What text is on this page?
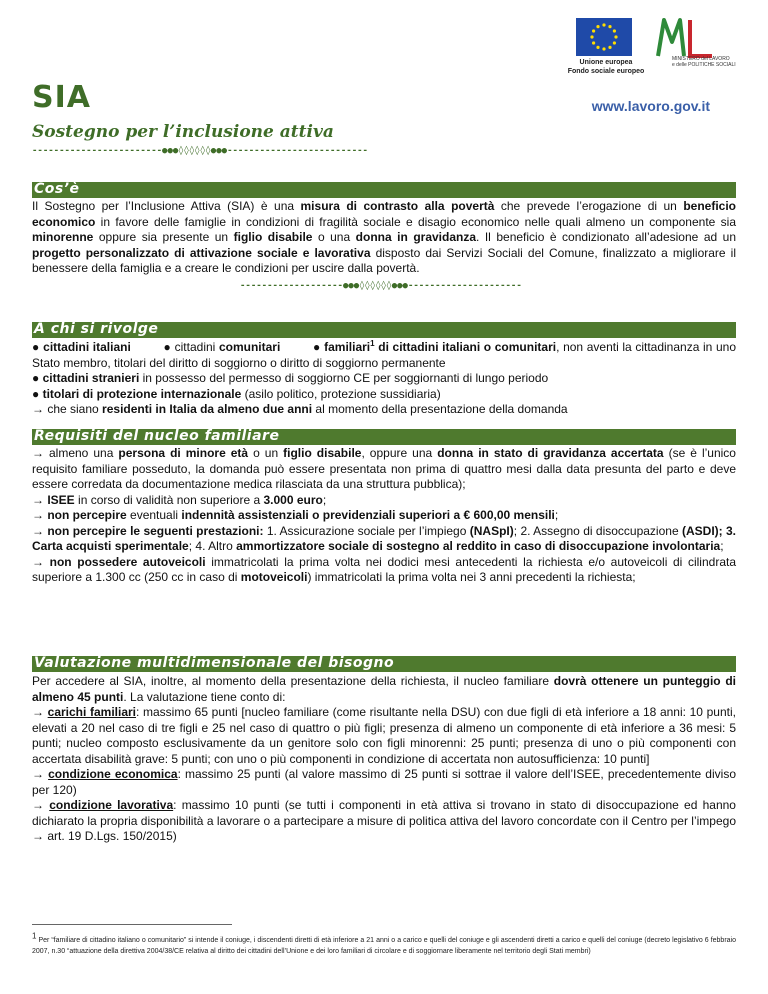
Unione europea
Fondo sociale europeo
MINISTERO del LAVORO
e delle POLITICHE SOCIALI
SIA	www.lavoro.gov.it
Sostegno per l’inclusione attiva
------------------------●●●◊◊◊◊◊◊●●●--------------------------
Cos’è

Il Sostegno per l’Inclusione Attiva (SIA) è una misura di contrasto alla povertà che prevede l’erogazione di un beneficio economico in favore delle famiglie in condizioni di fragilità sociale e disagio economico nelle quali almeno un componente sia minorenne oppure sia presente un figlio disabile o una donna in gravidanza. Il beneficio è condizionato all’adesione ad un progetto personalizzato di attivazione sociale e lavorativa disposto dai Servizi Sociali del Comune, finalizzato a migliorare il benessere della famiglia e a creare le condizioni per uscire dalla povertà.

-------------------●●●◊◊◊◊◊◊●●●---------------------
A chi si rivolge

● cittadini italiani	● cittadini comunitari	● familiari$^1$ di cittadini italiani o comunitari, non aventi la cittadinanza in uno Stato membro, titolari del diritto di soggiorno o diritto di soggiorno permanente

● cittadini stranieri in possesso del permesso di soggiorno CE per soggiornanti di lungo periodo

● titolari di protezione internazionale (asilo politico, protezione sussidiaria)

→ che siano residenti in Italia da almeno due anni al momento della presentazione della domanda

Requisiti del nucleo familiare

→ almeno una persona di minore età o un figlio disabile, oppure una donna in stato di gravidanza accertata (se è l’unico requisito familiare posseduto, la domanda può essere presentata non prima di quattro mesi dalla data presunta del parto e deve essere corredata da documentazione medica rilasciata da una struttura pubblica);

→ ISEE in corso di validità non superiore a 3.000 euro;

→ non percepire eventuali indennità assistenziali o previdenziali superiori a € 600,00 mensili;

→ non percepire le seguenti prestazioni: 1. Assicurazione sociale per l’impiego (NASpI); 2. Assegno di disoccupazione (ASDI); 3. Carta acquisti sperimentale; 4. Altro ammortizzatore sociale di sostegno al reddito in caso di disoccupazione involontaria;

→ non possedere autoveicoli immatricolati la prima volta nei dodici mesi antecedenti la richiesta e/o autoveicoli di cilindrata superiore a 1.300 cc (250 cc in caso di motoveicoli) immatricolati la prima volta nei 3 anni precedenti la richiesta;

Valutazione multidimensionale del bisogno

Per accedere al SIA, inoltre, al momento della presentazione della richiesta, il nucleo familiare dovrà ottenere un punteggio di almeno 45 punti. La valutazione tiene conto di:

→ carichi familiari: massimo 65 punti [nucleo familiare (come risultante nella DSU) con due figli di età inferiore a 18 anni: 10 punti, elevati a 20 nel caso di tre figli e 25 nel caso di quattro o più figli; presenza di almeno un componente di età inferiore a 36 mesi: 5 punti; nucleo composto esclusivamente da un genitore solo con figli minorenni: 25 punti; presenza di uno o più componenti con accertata disabilità grave: 5 punti; con uno o più componenti in condizione di accertata non autosufficienza: 10 punti]

→ condizione economica: massimo 25 punti (al valore massimo di 25 punti si sottrae il valore dell’ISEE, precedentemente diviso per 120)

→ condizione lavorativa: massimo 10 punti (se tutti i componenti in età attiva si trovano in stato di disoccupazione ed hanno dichiarato la propria disponibilità a lavorare o a partecipare a misure di politica attiva del lavoro concordate con il Centro per l’impego → art. 19 D.Lgs. 150/2015)

$^1$ Per “familiare di cittadino italiano o comunitario” si intende il coniuge, i discendenti diretti di età inferiore a 21 anni o a carico e quelli del coniuge e gli ascendenti diretti a carico e quelli del coniuge (decreto legislativo 6 febbraio 2007, n.30 “attuazione della direttiva 2004/38/CE relativa al diritto dei cittadini dell’Unione e dei loro familiari di circolare e di soggiornare liberamente nel territorio degli Stati membri)
